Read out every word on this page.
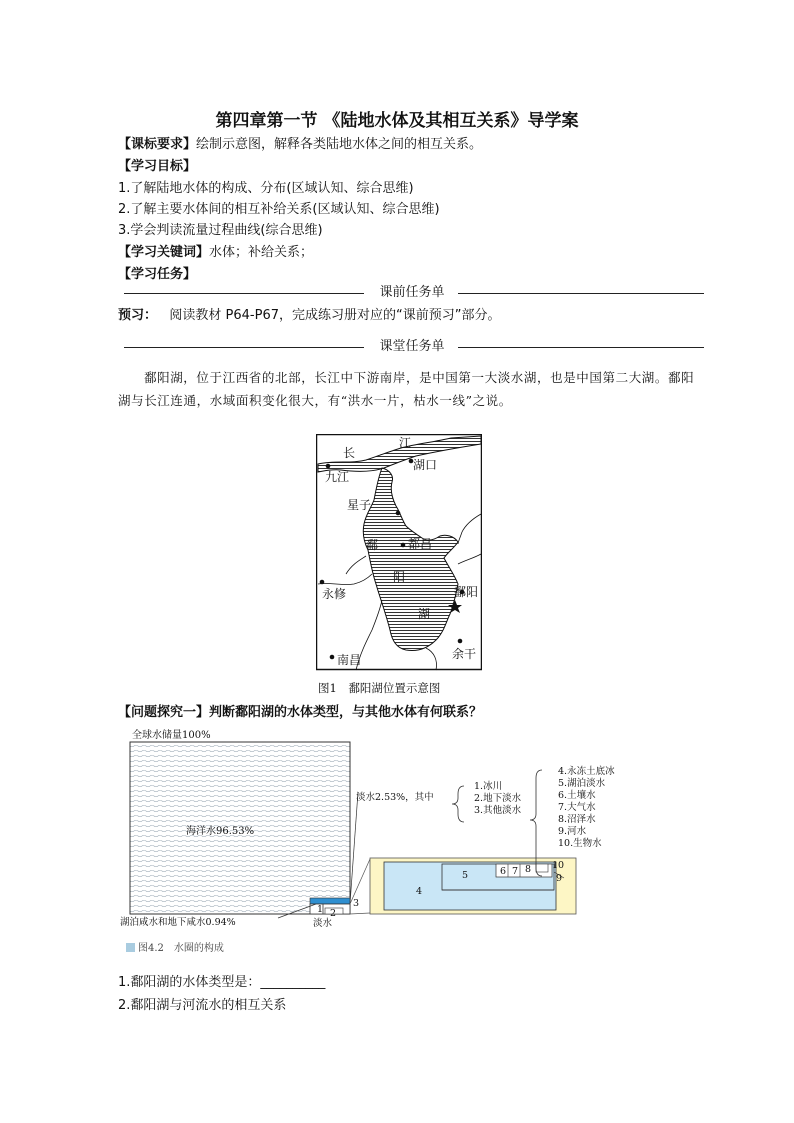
第四章第一节 《陆地水体及其相互关系》导学案
【课标要求】绘制示意图，解释各类陆地水体之间的相互关系。
【学习目标】
1.了解陆地水体的构成、分布(区域认知、综合思维)
2.了解主要水体间的相互补给关系(区域认知、综合思维)
3.学会判读流量过程曲线(综合思维)
【学习关键词】水体；补给关系；
【学习任务】
课前任务单
预习： 阅读教材 P64-P67，完成练习册对应的“课前预习”部分。
课堂任务单
鄱阳湖，位于江西省的北部，长江中下游南岸，是中国第一大淡水湖，也是中国第二大湖。鄱阳湖与长江连通，水域面积变化很大，有“洪水一片，枯水一线”之说。
长
江
湖口
九江
星子
鄱 都昌
阳
永修	鄱阳
湖
南昌	余干
图1　鄱阳湖位置示意图
【问题探究一】判断鄱阳湖的水体类型，与其他水体有何联系？
全球水储量100%
海洋水96.53%
淡水2.53%，其中
湖泊咸水和地下咸水0.94%	淡水
1.冰川
2.地下淡水
3.其他淡水
4.永冻土底冰
5.湖泊淡水
6.土壤水
7.大气水
8.沼泽水
9.河水
10.生物水
1 2
3
4
5	6 7 8
9
10
图4.2　水圈的构成
1.鄱阳湖的水体类型是：__________
2.鄱阳湖与河流水的相互关系
